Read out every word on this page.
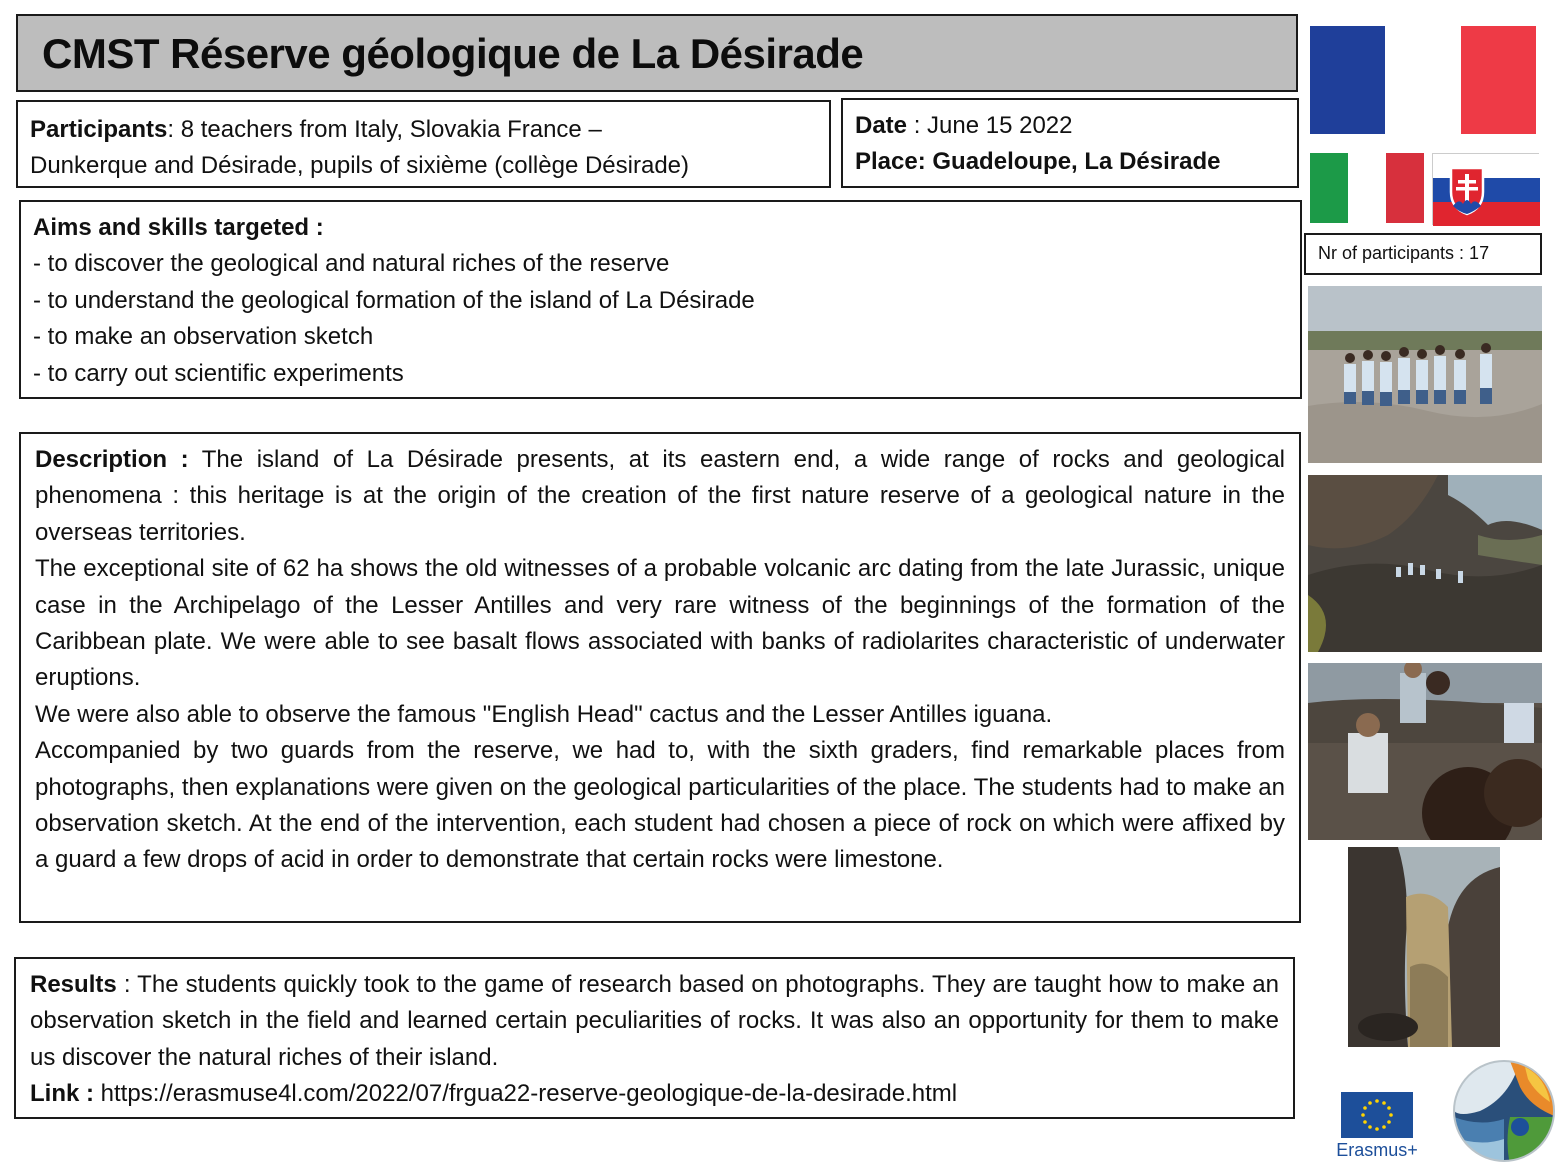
CMST Réserve géologique de La Désirade
Participants: 8 teachers from Italy, Slovakia France –
Dunkerque and Désirade, pupils of sixième (collège Désirade)
Date : June 15 2022
Place: Guadeloupe, La Désirade
Aims and skills targeted :
- to discover the geological and natural riches of the reserve
- to understand the geological formation of the island of La Désirade
- to make an observation sketch
- to carry out scientific experiments

Description : The island of La Désirade presents, at its eastern end, a wide range of rocks and geological phenomena : this heritage is at the origin of the creation of the first nature reserve of a geological nature in the overseas territories.

The exceptional site of 62 ha shows the old witnesses of a probable volcanic arc dating from the late Jurassic, unique case in the Archipelago of the Lesser Antilles and very rare witness of the beginnings of the formation of the Caribbean plate. We were able to see basalt flows associated with banks of radiolarites characteristic of underwater eruptions.

We were also able to observe the famous "English Head" cactus and the Lesser Antilles iguana.

Accompanied by two guards from the reserve, we had to, with the sixth graders, find remarkable places from photographs, then explanations were given on the geological particularities of the place. The students had to make an observation sketch. At the end of the intervention, each student had chosen a piece of rock on which were affixed by a guard a few drops of acid in order to demonstrate that certain rocks were limestone.

Results : The students quickly took to the game of research based on photographs. They are taught how to make an observation sketch in the field and learned certain peculiarities of rocks. It was also an opportunity for them to make us discover the natural riches of their island.

Link : https://erasmuse4l.com/2022/07/frgua22-reserve-geologique-de-la-desirade.html

Nr of participants : 17
Erasmus+
